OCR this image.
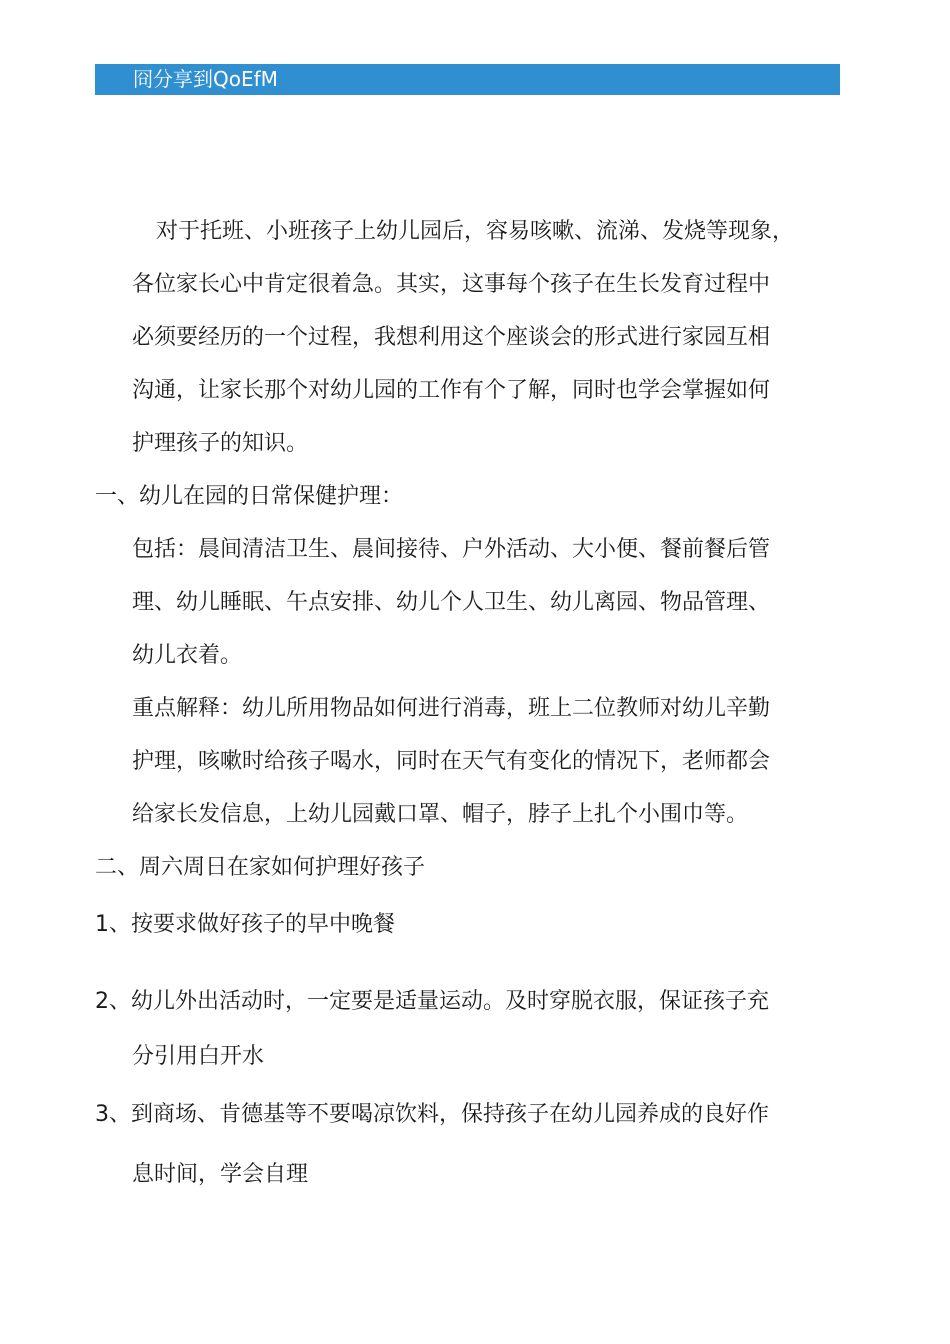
冏分享到QoEfM
对于托班、小班孩子上幼儿园后，容易咳嗽、流涕、发烧等现象，
各位家长心中肯定很着急。其实，这事每个孩子在生长发育过程中
必须要经历的一个过程，我想利用这个座谈会的形式进行家园互相
沟通，让家长那个对幼儿园的工作有个了解，同时也学会掌握如何
护理孩子的知识。
一、幼儿在园的日常保健护理：
包括：晨间清洁卫生、晨间接待、户外活动、大小便、餐前餐后管
理、幼儿睡眠、午点安排、幼儿个人卫生、幼儿离园、物品管理、
幼儿衣着。
重点解释：幼儿所用物品如何进行消毒，班上二位教师对幼儿辛勤
护理，咳嗽时给孩子喝水，同时在天气有变化的情况下，老师都会
给家长发信息，上幼儿园戴口罩、帽子，脖子上扎个小围巾等。
二、周六周日在家如何护理好孩子
1、按要求做好孩子的早中晚餐
2、幼儿外出活动时，一定要是适量运动。及时穿脱衣服，保证孩子充
分引用白开水
3、到商场、肯德基等不要喝凉饮料，保持孩子在幼儿园养成的良好作
息时间，学会自理
